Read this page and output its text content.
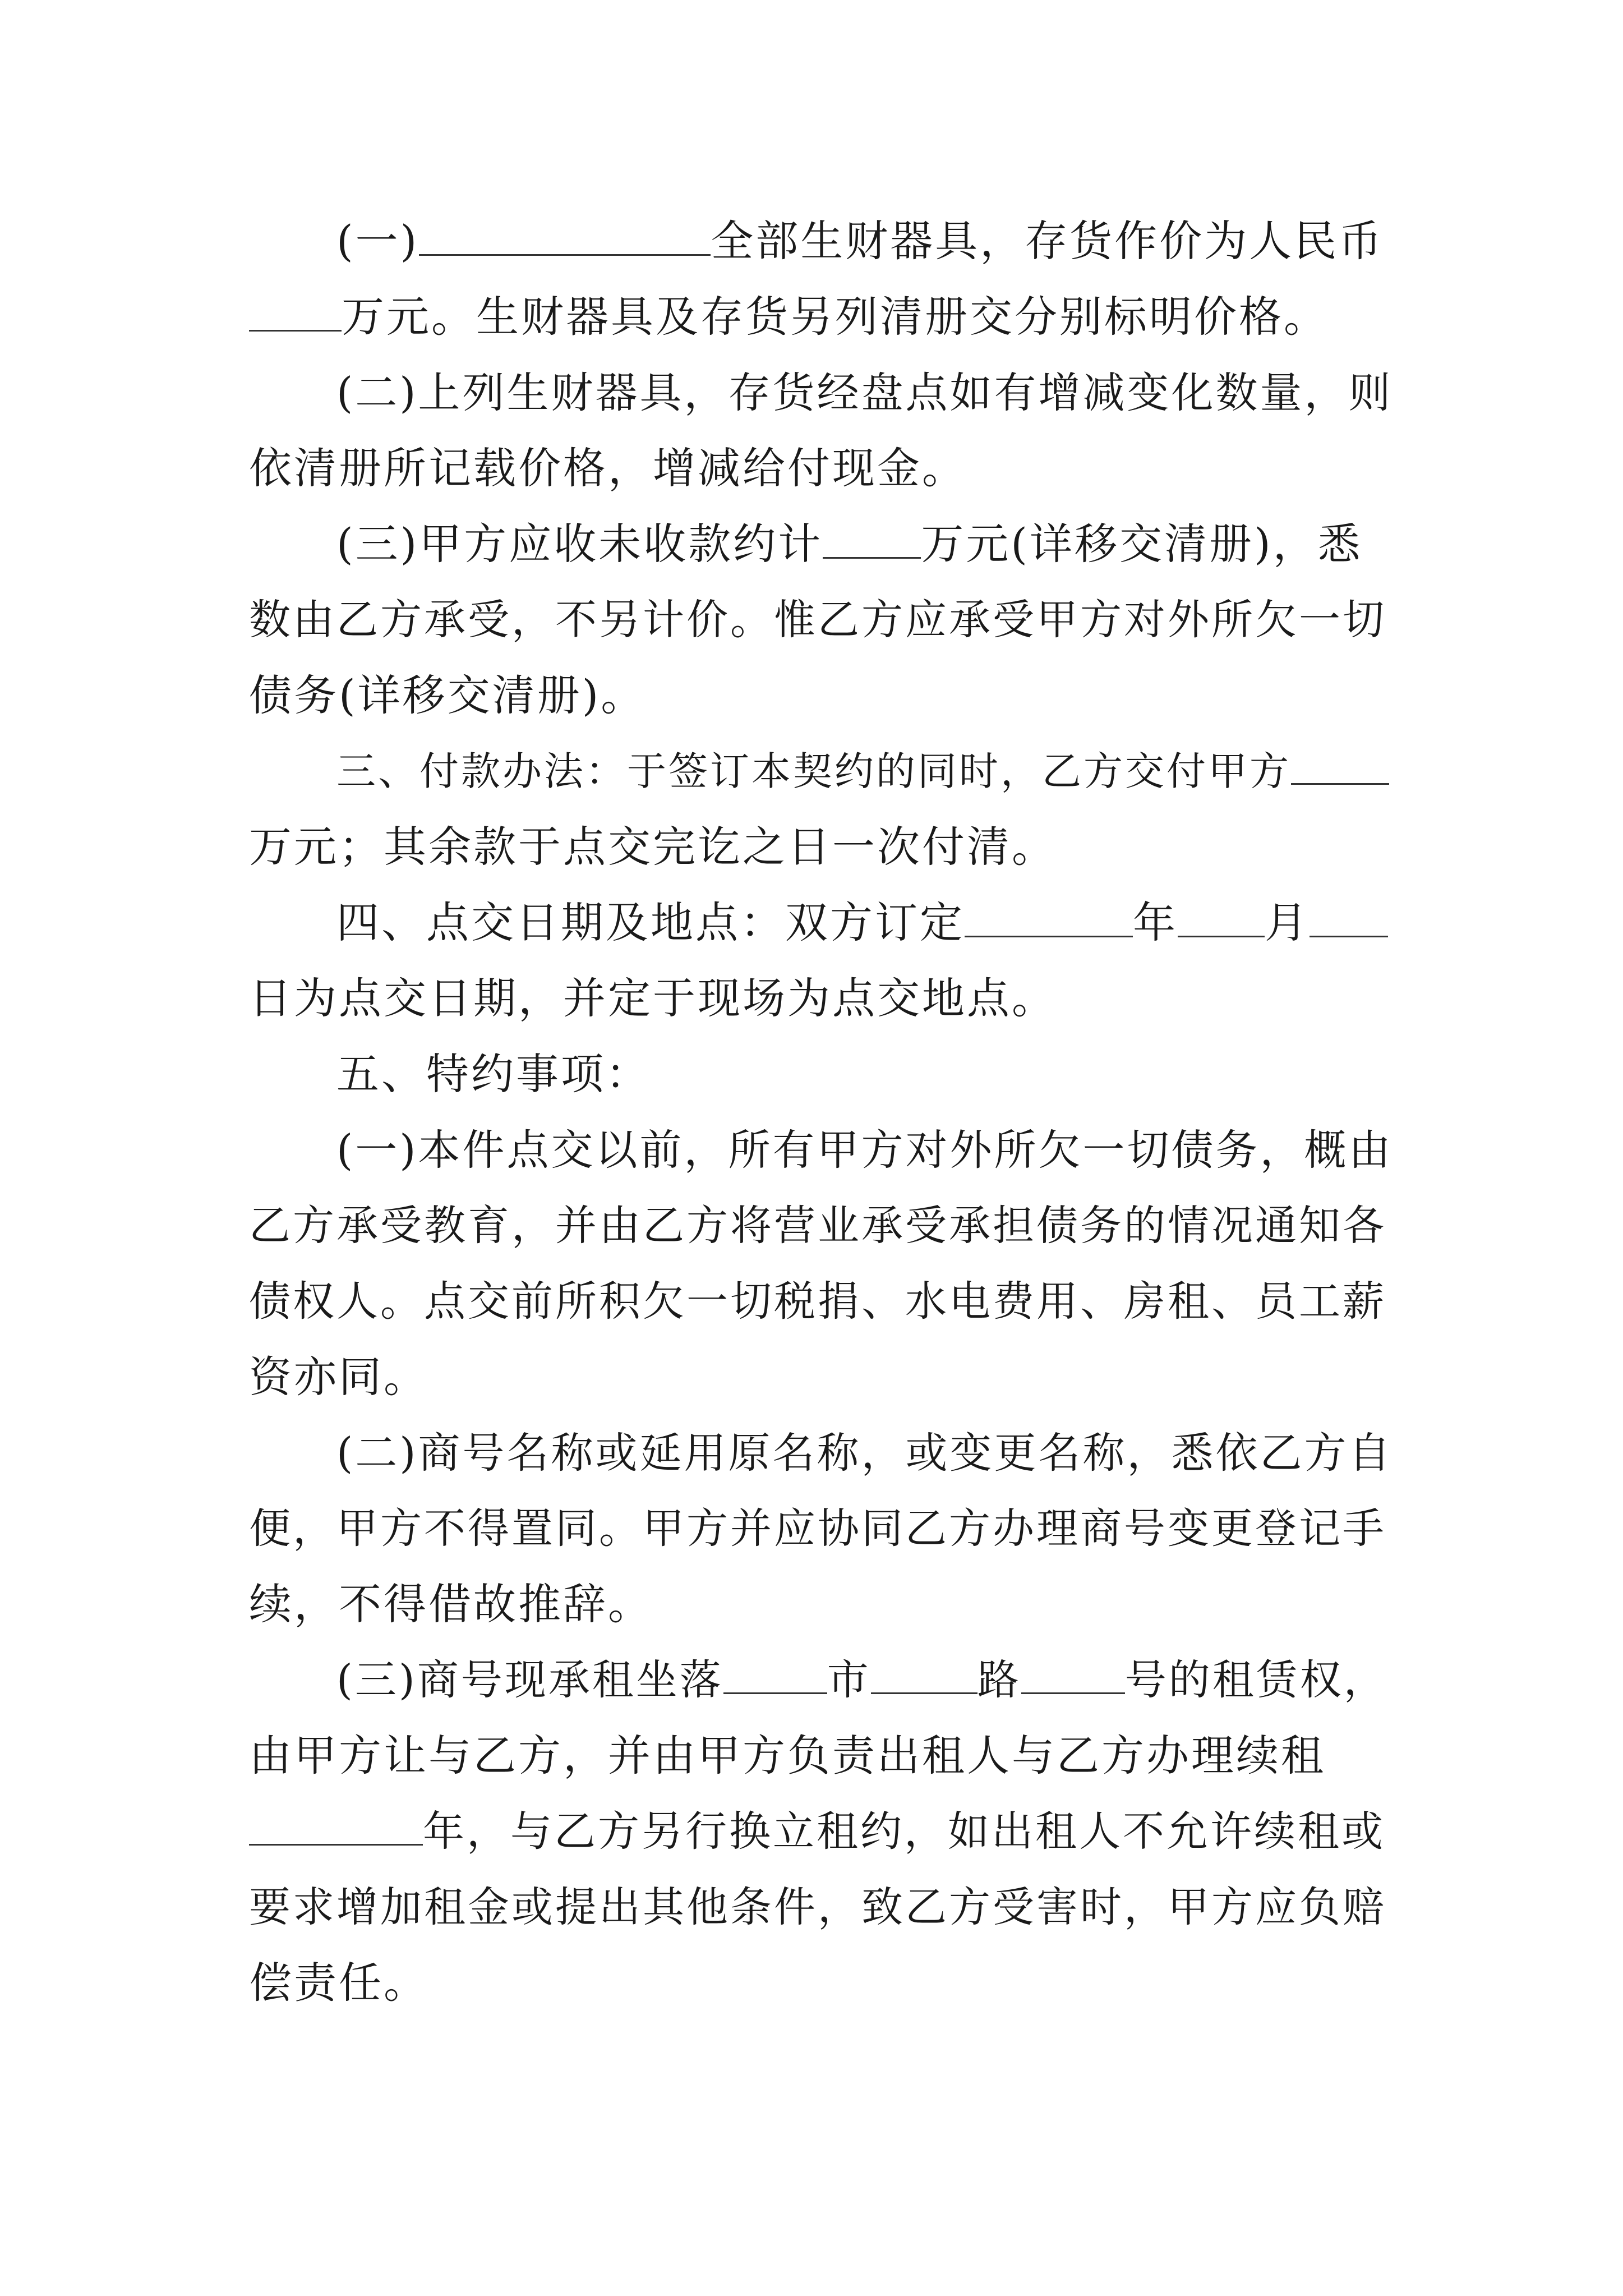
(一)	全部生财器具，存货作价为人民币
万元。生财器具及存货另列清册交分别标明价格。
(二)上列生财器具，存货经盘点如有增减变化数量，则
依清册所记载价格，增减给付现金。
(三)甲方应收未收款约计 万元(详移交清册)，悉
数由乙方承受，不另计价。惟乙方应承受甲方对外所欠一切
债务(详移交清册)。
三、付款办法：于签订本契约的同时，乙方交付甲方
万元；其余款于点交完讫之日一次付清。
四、点交日期及地点：双方订定	年 月
日为点交日期，并定于现场为点交地点。
五、特约事项：
(一)本件点交以前，所有甲方对外所欠一切债务，概由
乙方承受教育，并由乙方将营业承受承担债务的情况通知各
债权人。点交前所积欠一切税捐、水电费用、房租、员工薪
资亦同。
(二)商号名称或延用原名称，或变更名称，悉依乙方自
便，甲方不得置同。甲方并应协同乙方办理商号变更登记手
续，不得借故推辞。
(三)商号现承租坐落	市	路	号的租赁权，
由甲方让与乙方，并由甲方负责出租人与乙方办理续租
年，与乙方另行换立租约，如出租人不允许续租或
要求增加租金或提出其他条件，致乙方受害时，甲方应负赔
偿责任。
